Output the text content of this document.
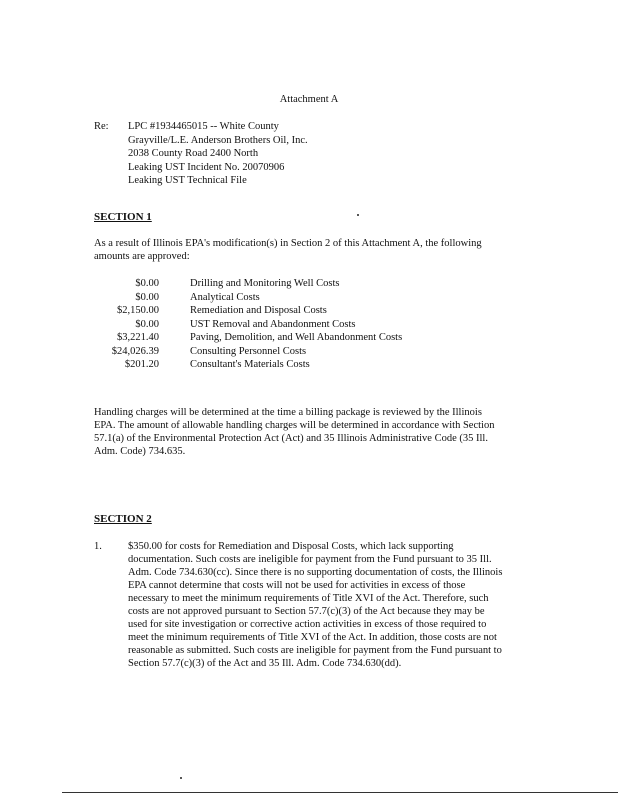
Attachment A
Re: LPC #1934465015 -- White County
Grayville/L.E. Anderson Brothers Oil, Inc.
2038 County Road 2400 North
Leaking UST Incident No. 20070906
Leaking UST Technical File
SECTION 1
As a result of Illinois EPA's modification(s) in Section 2 of this Attachment A, the following
amounts are approved:
$0.00	Drilling and Monitoring Well Costs
$0.00	Analytical Costs
$2,150.00	Remediation and Disposal Costs
$0.00	UST Removal and Abandonment Costs
$3,221.40	Paving, Demolition, and Well Abandonment Costs
$24,026.39	Consulting Personnel Costs
$201.20	Consultant's Materials Costs
Handling charges will be determined at the time a billing package is reviewed by the Illinois
EPA. The amount of allowable handling charges will be determined in accordance with Section
57.1(a) of the Environmental Protection Act (Act) and 35 Illinois Administrative Code (35 Ill.
Adm. Code) 734.635.
SECTION 2
1. $350.00 for costs for Remediation and Disposal Costs, which lack supporting
documentation. Such costs are ineligible for payment from the Fund pursuant to 35 Ill.
Adm. Code 734.630(cc). Since there is no supporting documentation of costs, the Illinois
EPA cannot determine that costs will not be used for activities in excess of those
necessary to meet the minimum requirements of Title XVI of the Act. Therefore, such
costs are not approved pursuant to Section 57.7(c)(3) of the Act because they may be
used for site investigation or corrective action activities in excess of those required to
meet the minimum requirements of Title XVI of the Act. In addition, those costs are not
reasonable as submitted. Such costs are ineligible for payment from the Fund pursuant to
Section 57.7(c)(3) of the Act and 35 Ill. Adm. Code 734.630(dd).
